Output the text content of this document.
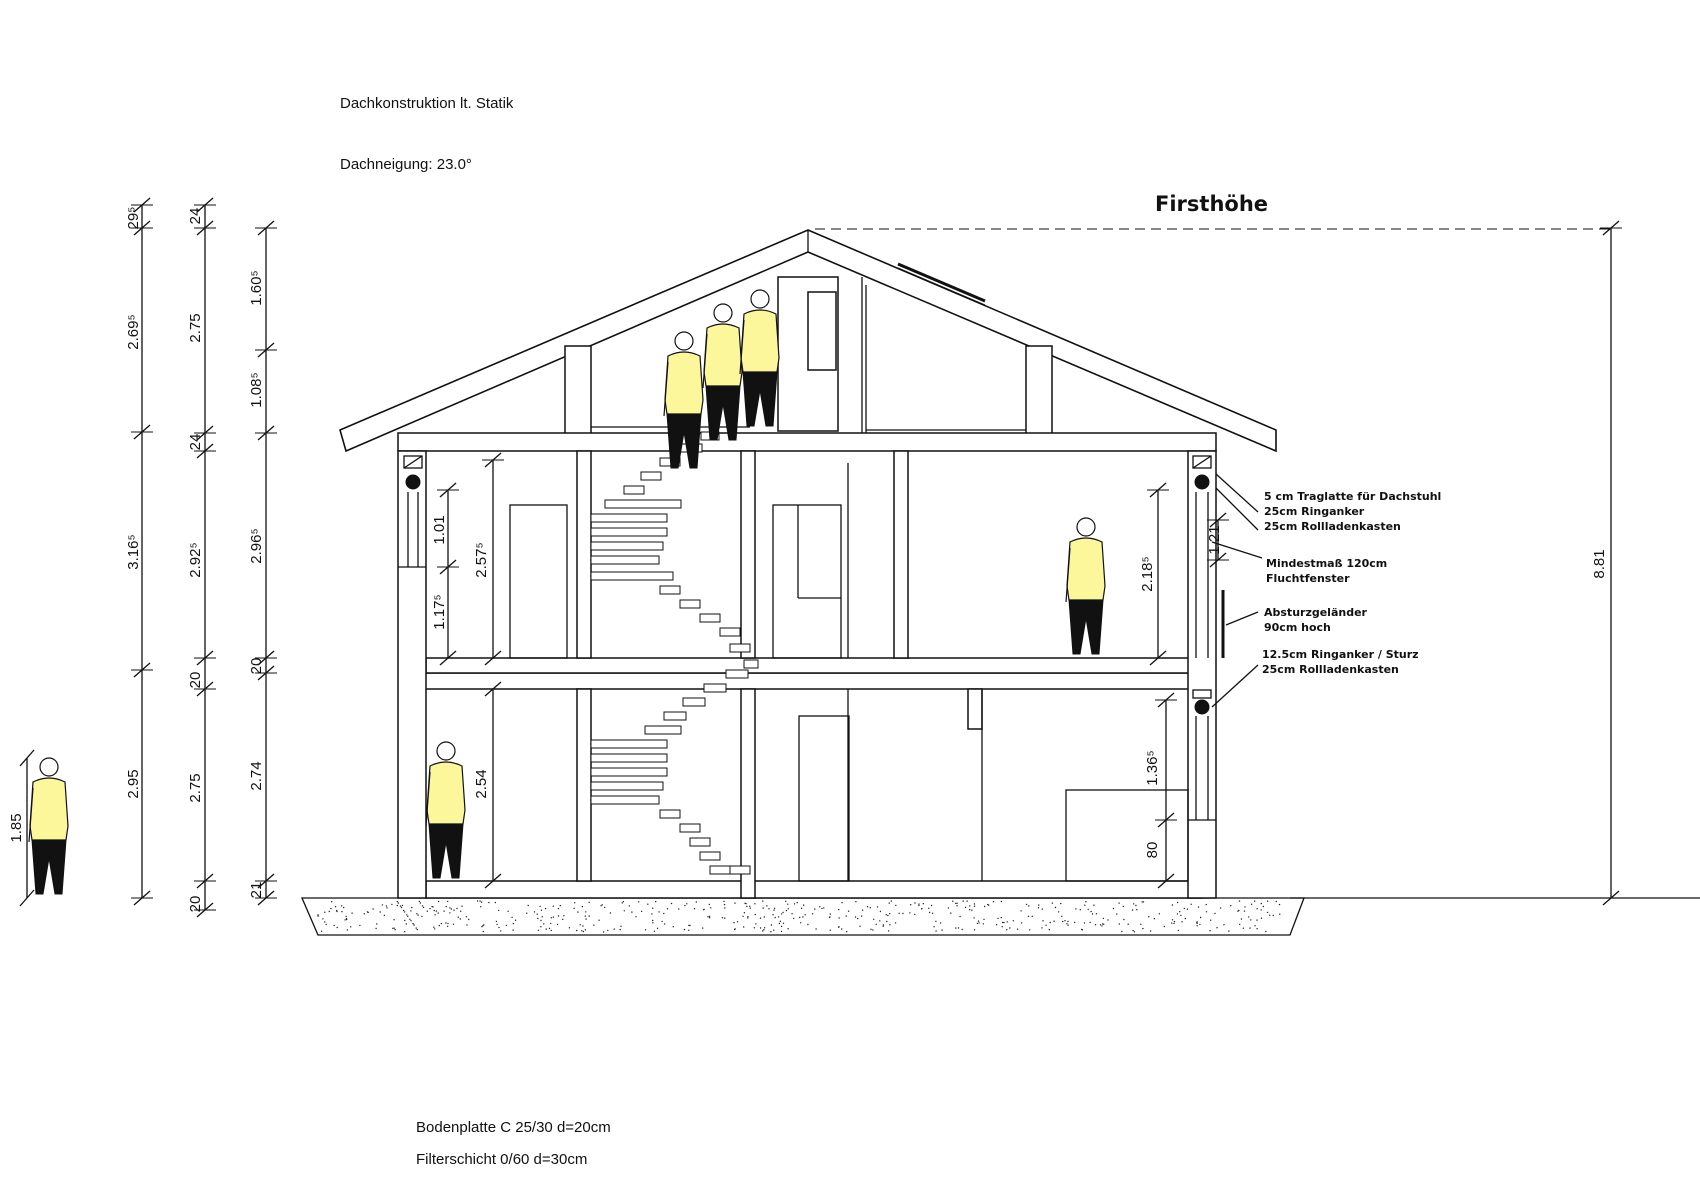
Dachkonstruktion lt. Statik
Dachneigung: 23.0°
Firsthöhe
1.85
29⁵
2.69⁵
3.16⁵
2.95
24
2.75
24
2.92⁵
20
2.75
20
1.60⁵
1.08⁵
2.96⁵
20
2.74
21
1.01
1.17⁵
2.57⁵
2.54
2.18⁵
1.21
1.36⁵
80
8.81
5 cm Traglatte für Dachstuhl
25cm Ringanker
25cm Rollladenkasten
Mindestmaß 120cm
Fluchtfenster
Absturzgeländer
90cm hoch
12.5cm Ringanker / Sturz
25cm Rollladenkasten
Bodenplatte C 25/30 d=20cm
Filterschicht 0/60 d=30cm
